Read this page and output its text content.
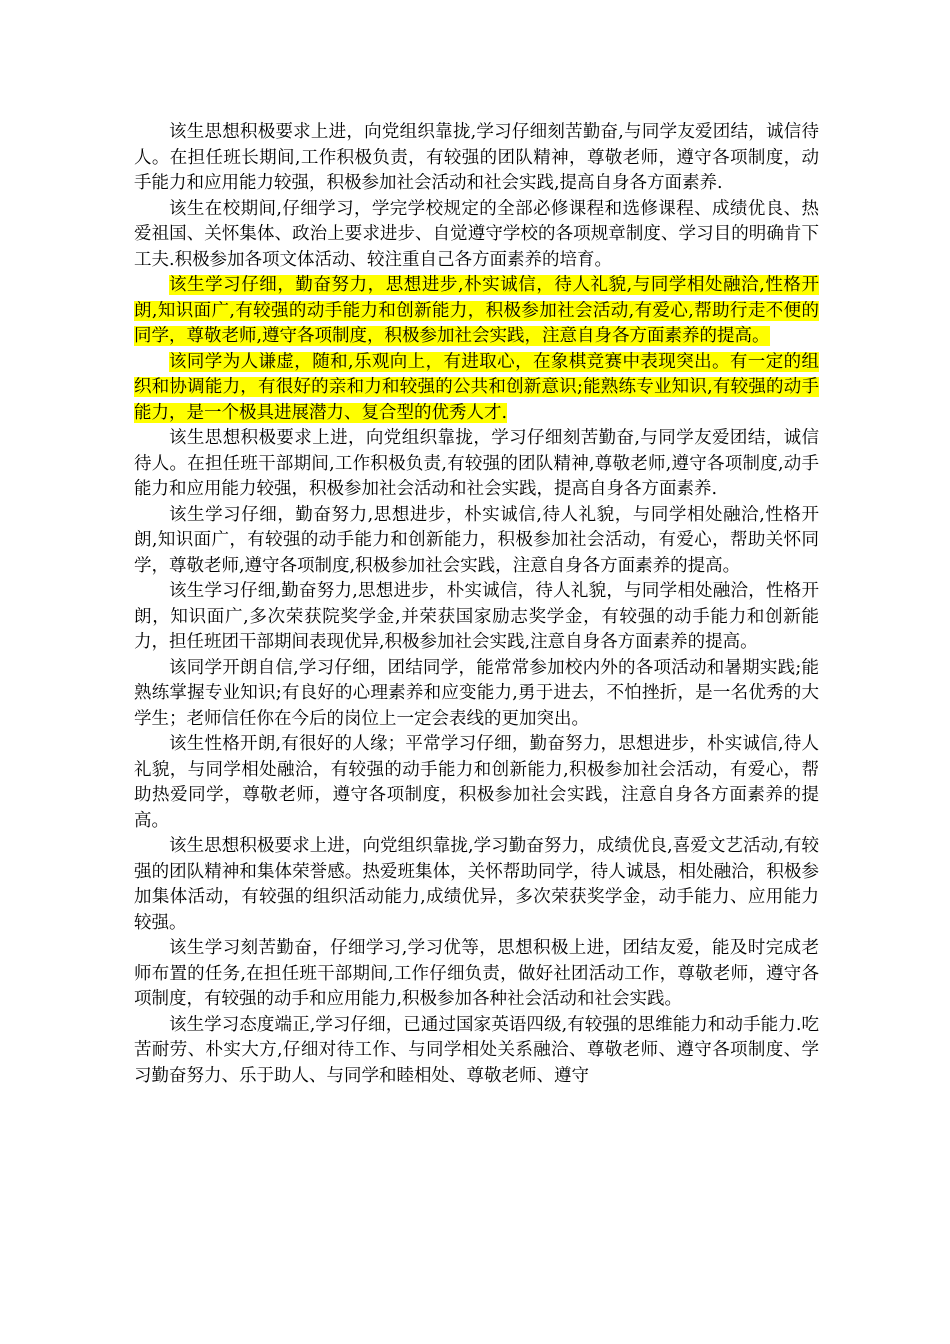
该生思想积极要求上进，向党组织靠拢,学习仔细刻苦勤奋,与同学友爱团结，诚信待人。在担任班长期间,工作积极负责，有较强的团队精神，尊敬老师，遵守各项制度，动手能力和应用能力较强，积极参加社会活动和社会实践,提高自身各方面素养.

该生在校期间,仔细学习，学完学校规定的全部必修课程和选修课程、成绩优良、热爱祖国、关怀集体、政治上要求进步、自觉遵守学校的各项规章制度、学习目的明确肯下工夫.积极参加各项文体活动、较注重自己各方面素养的培育。

该生学习仔细，勤奋努力，思想进步,朴实诚信，待人礼貌,与同学相处融洽,性格开朗,知识面广,有较强的动手能力和创新能力，积极参加社会活动,有爱心,帮助行走不便的同学，尊敬老师,遵守各项制度，积极参加社会实践，注意自身各方面素养的提高。

该同学为人谦虚，随和,乐观向上，有进取心，在象棋竞赛中表现突出。有一定的组织和协调能力，有很好的亲和力和较强的公共和创新意识;能熟练专业知识,有较强的动手能力，是一个极具进展潜力、复合型的优秀人才.

该生思想积极要求上进，向党组织靠拢，学习仔细刻苦勤奋,与同学友爱团结，诚信待人。在担任班干部期间,工作积极负责,有较强的团队精神,尊敬老师,遵守各项制度,动手能力和应用能力较强，积极参加社会活动和社会实践，提高自身各方面素养.

该生学习仔细，勤奋努力,思想进步，朴实诚信,待人礼貌，与同学相处融洽,性格开朗,知识面广，有较强的动手能力和创新能力，积极参加社会活动，有爱心，帮助关怀同学，尊敬老师,遵守各项制度,积极参加社会实践，注意自身各方面素养的提高。

该生学习仔细,勤奋努力,思想进步，朴实诚信，待人礼貌，与同学相处融洽，性格开朗，知识面广,多次荣获院奖学金,并荣获国家励志奖学金，有较强的动手能力和创新能力，担任班团干部期间表现优异,积极参加社会实践,注意自身各方面素养的提高。

该同学开朗自信,学习仔细，团结同学，能常常参加校内外的各项活动和暑期实践;能熟练掌握专业知识;有良好的心理素养和应变能力,勇于进去，不怕挫折，是一名优秀的大学生；老师信任你在今后的岗位上一定会表线的更加突出。

该生性格开朗,有很好的人缘；平常学习仔细，勤奋努力，思想进步，朴实诚信,待人礼貌，与同学相处融洽，有较强的动手能力和创新能力,积极参加社会活动，有爱心，帮助热爱同学，尊敬老师，遵守各项制度，积极参加社会实践，注意自身各方面素养的提高。

该生思想积极要求上进，向党组织靠拢,学习勤奋努力，成绩优良,喜爱文艺活动,有较强的团队精神和集体荣誉感。热爱班集体，关怀帮助同学，待人诚恳，相处融洽，积极参加集体活动，有较强的组织活动能力,成绩优异，多次荣获奖学金，动手能力、应用能力较强。

该生学习刻苦勤奋，仔细学习,学习优等，思想积极上进，团结友爱，能及时完成老师布置的任务,在担任班干部期间,工作仔细负责，做好社团活动工作，尊敬老师，遵守各项制度，有较强的动手和应用能力,积极参加各种社会活动和社会实践。

该生学习态度端正,学习仔细，已通过国家英语四级,有较强的思维能力和动手能力.吃苦耐劳、朴实大方,仔细对待工作、与同学相处关系融洽、尊敬老师、遵守各项制度、学习勤奋努力、乐于助人、与同学和睦相处、尊敬老师、遵守
